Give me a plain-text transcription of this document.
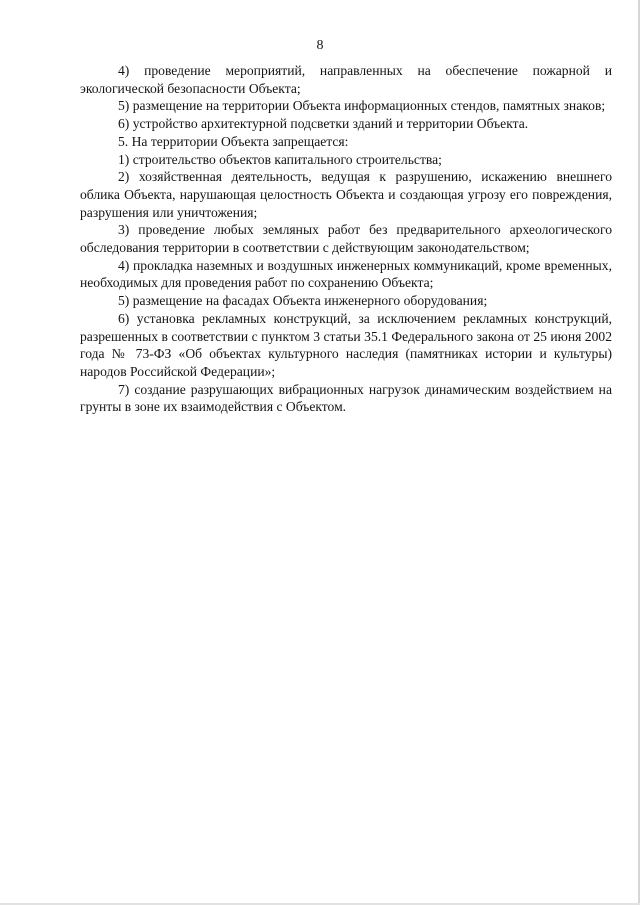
8

4) проведение мероприятий, направленных на обеспечение пожарной и экологической безопасности Объекта;

5) размещение на территории Объекта информационных стендов, памятных знаков;

6) устройство архитектурной подсветки зданий и территории Объекта.

5. На территории Объекта запрещается:

1) строительство объектов капитального строительства;

2) хозяйственная деятельность, ведущая к разрушению, искажению внешнего облика Объекта, нарушающая целостность Объекта и создающая угрозу его повреждения, разрушения или уничтожения;

3) проведение любых земляных работ без предварительного археологического обследования территории в соответствии с действующим законодательством;

4) прокладка наземных и воздушных инженерных коммуникаций, кроме временных, необходимых для проведения работ по сохранению Объекта;

5) размещение на фасадах Объекта инженерного оборудования;

6) установка рекламных конструкций, за исключением рекламных конструкций, разрешенных в соответствии с пунктом 3 статьи 35.1 Федерального закона от 25 июня 2002 года № 73-ФЗ «Об объектах культурного наследия (памятниках истории и культуры) народов Российской Федерации»;

7) создание разрушающих вибрационных нагрузок динамическим воздействием на грунты в зоне их взаимодействия с Объектом.
